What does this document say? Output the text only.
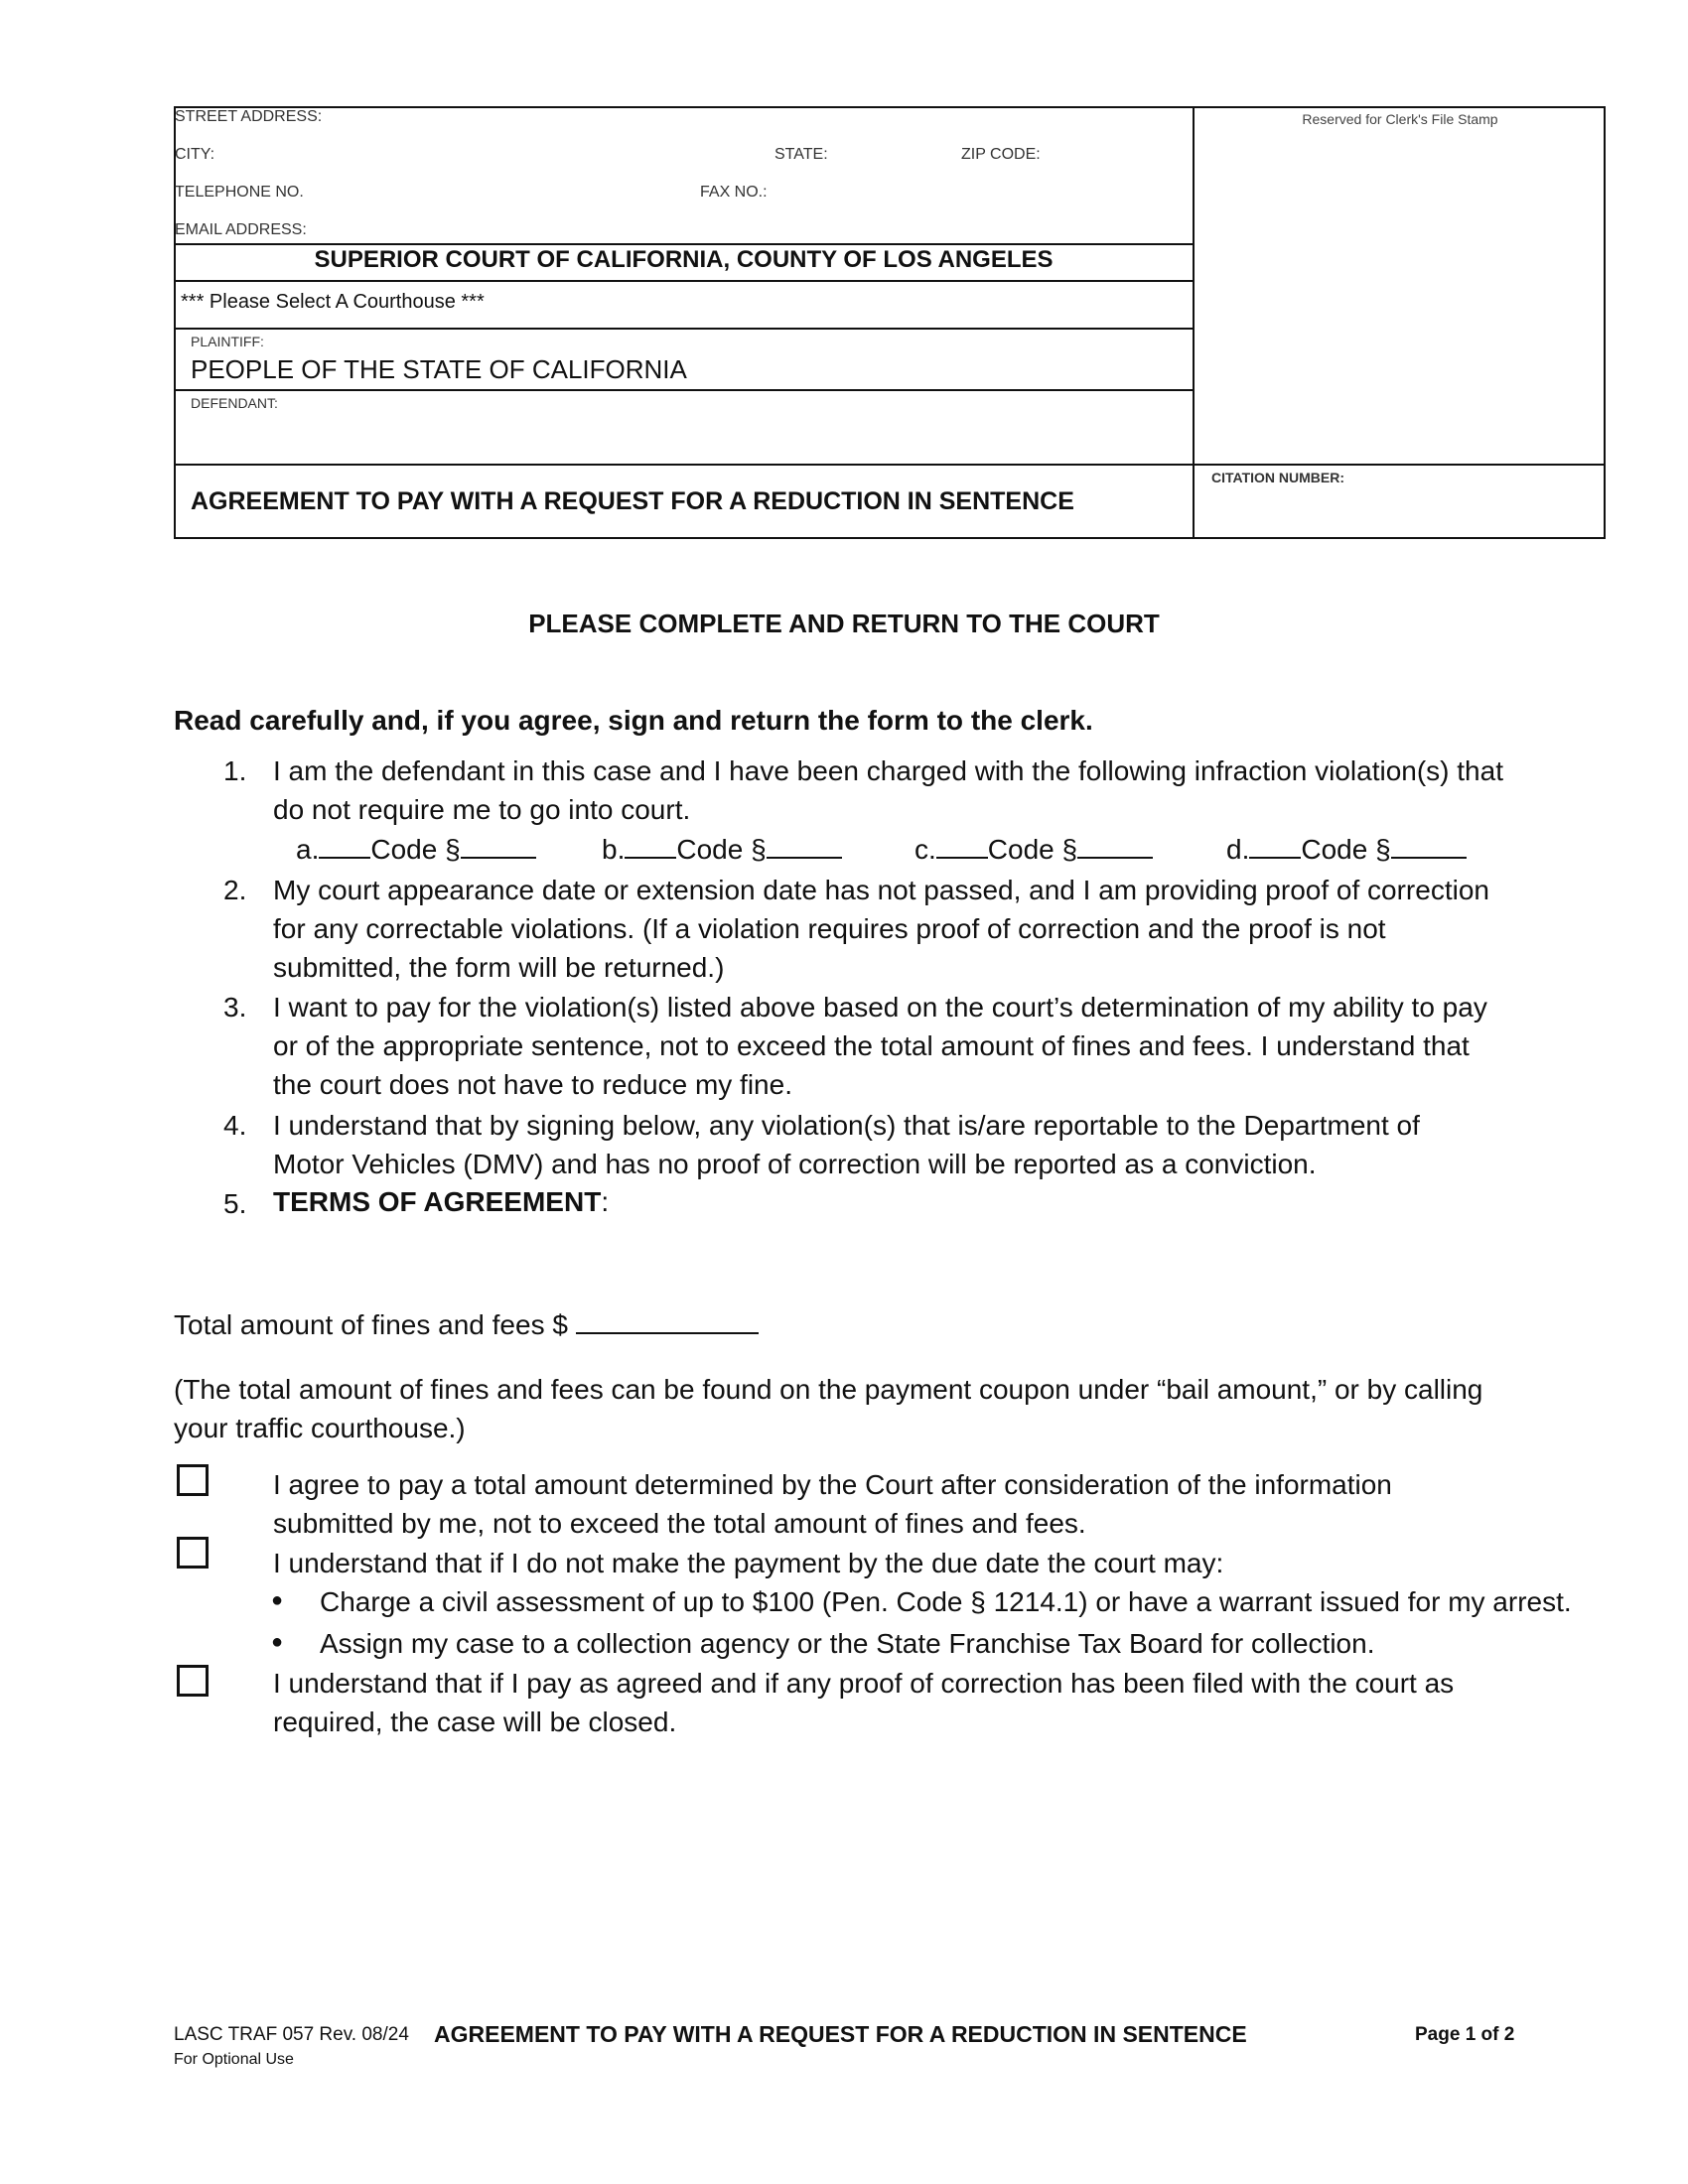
STREET ADDRESS:
CITY:	STATE:	ZIP CODE:
TELEPHONE NO.	FAX NO.:
EMAIL ADDRESS:
SUPERIOR COURT OF CALIFORNIA, COUNTY OF LOS ANGELES
*** Please Select A Courthouse ***
PLAINTIFF:
PEOPLE OF THE STATE OF CALIFORNIA
DEFENDANT:
AGREEMENT TO PAY WITH A REQUEST FOR A REDUCTION IN SENTENCE
Reserved for Clerk's File Stamp
CITATION NUMBER:
PLEASE COMPLETE AND RETURN TO THE COURT
Read carefully and, if you agree, sign and return the form to the clerk.
1. I am the defendant in this case and I have been charged with the following infraction violation(s) that
do not require me to go into court.
a. Code §	b. Code §	c. Code §	d. Code §
2. My court appearance date or extension date has not passed, and I am providing proof of correction
for any correctable violations. (If a violation requires proof of correction and the proof is not
submitted, the form will be returned.)
3. I want to pay for the violation(s) listed above based on the court’s determination of my ability to pay
or of the appropriate sentence, not to exceed the total amount of fines and fees. I understand that
the court does not have to reduce my fine.
4. I understand that by signing below, any violation(s) that is/are reportable to the Department of
Motor Vehicles (DMV) and has no proof of correction will be reported as a conviction.
5. TERMS OF AGREEMENT:
Total amount of fines and fees $
(The total amount of fines and fees can be found on the payment coupon under “bail amount,” or by calling
your traffic courthouse.)
I agree to pay a total amount determined by the Court after consideration of the information
submitted by me, not to exceed the total amount of fines and fees.
I understand that if I do not make the payment by the due date the court may:
● Charge a civil assessment of up to $100 (Pen. Code § 1214.1) or have a warrant issued for my arrest.
● Assign my case to a collection agency or the State Franchise Tax Board for collection.
I understand that if I pay as agreed and if any proof of correction has been filed with the court as
required, the case will be closed.
LASC TRAF 057 Rev. 08/24
For Optional Use
AGREEMENT TO PAY WITH A REQUEST FOR A REDUCTION IN SENTENCE	Page 1 of 2
